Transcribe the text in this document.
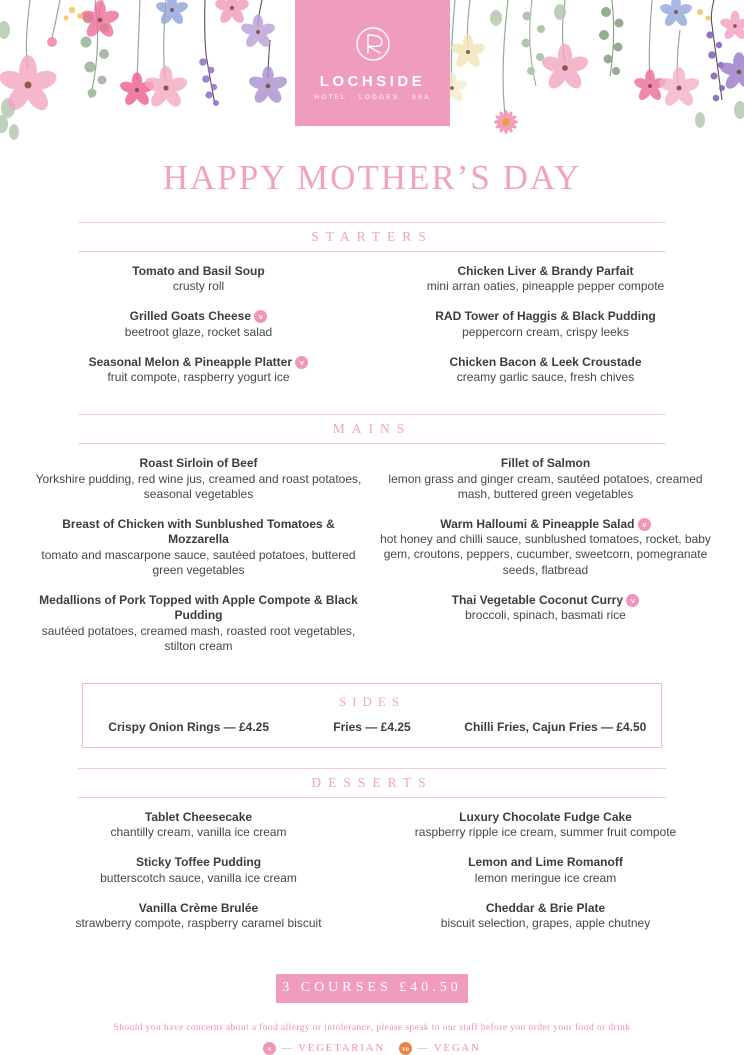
LOCHSIDE
HOTEL · LODGES · SPA
HAPPY MOTHER’S DAY
STARTERS
Tomato and Basil Soup
crusty roll
Grilled Goats Cheese v
beetroot glaze, rocket salad
Seasonal Melon & Pineapple Platter v
fruit compote, raspberry yogurt ice
Chicken Liver & Brandy Parfait
mini arran oaties, pineapple pepper compote
RAD Tower of Haggis & Black Pudding
peppercorn cream, crispy leeks
Chicken Bacon & Leek Croustade
creamy garlic sauce, fresh chives
MAINS
Roast Sirloin of Beef
Yorkshire pudding, red wine jus, creamed and roast potatoes, seasonal vegetables
Breast of Chicken with Sunblushed Tomatoes & Mozzarella
tomato and mascarpone sauce, sautéed potatoes, buttered green vegetables
Medallions of Pork Topped with Apple Compote & Black Pudding
sautéed potatoes, creamed mash, roasted root vegetables, stilton cream
Fillet of Salmon
lemon grass and ginger cream, sautéed potatoes, creamed mash, buttered green vegetables
Warm Halloumi & Pineapple Salad v
hot honey and chilli sauce, sunblushed tomatoes, rocket, baby gem, croutons, peppers, cucumber, sweetcorn, pomegranate seeds, flatbread
Thai Vegetable Coconut Curry v
broccoli, spinach, basmati rice
SIDES
Crispy Onion Rings — £4.25	Fries — £4.25	Chilli Fries, Cajun Fries — £4.50
DESSERTS
Tablet Cheesecake
chantilly cream, vanilla ice cream
Sticky Toffee Pudding
butterscotch sauce, vanilla ice cream
Vanilla Crème Brulée
strawberry compote, raspberry caramel biscuit
Luxury Chocolate Fudge Cake
raspberry ripple ice cream, summer fruit compote
Lemon and Lime Romanoff
lemon meringue ice cream
Cheddar & Brie Plate
biscuit selection, grapes, apple chutney
3 COURSES £40.50
Should you have concerns about a food allergy or intolerance, please speak to our staff before you order your food or drink
v — VEGETARIAN	ve — VEGAN
